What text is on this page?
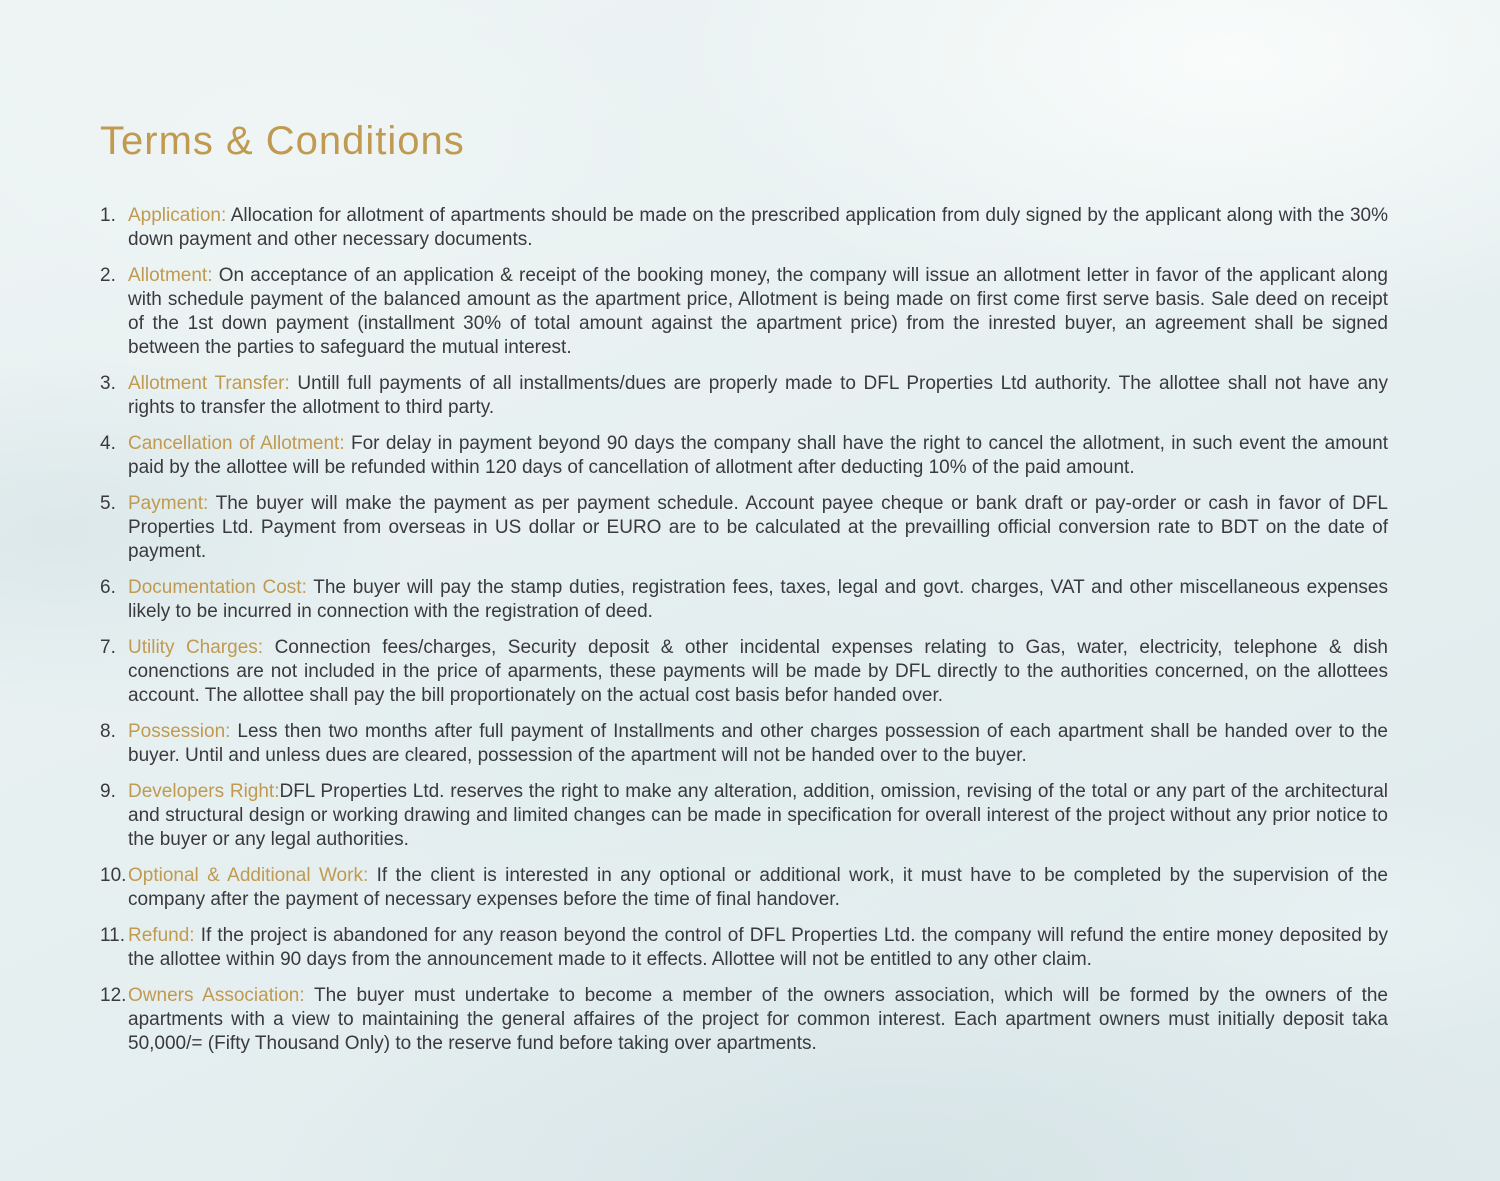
Terms & Conditions
1. Application: Allocation for allotment of apartments should be made on the prescribed application from duly signed by the applicant along with the 30% down payment and other necessary documents.

2. Allotment: On acceptance of an application & receipt of the booking money, the company will issue an allotment letter in favor of the applicant along with schedule payment of the balanced amount as the apartment price, Allotment is being made on first come first serve basis. Sale deed on receipt of the 1st down payment (installment 30% of total amount against the apartment price) from the inrested buyer, an agreement shall be signed between the parties to safeguard the mutual interest.

3. Allotment Transfer: Untill full payments of all installments/dues are properly made to DFL Properties Ltd authority. The allottee shall not have any rights to transfer the allotment to third party.

4. Cancellation of Allotment: For delay in payment beyond 90 days the company shall have the right to cancel the allotment, in such event the amount paid by the allottee will be refunded within 120 days of cancellation of allotment after deducting 10% of the paid amount.

5. Payment: The buyer will make the payment as per payment schedule. Account payee cheque or bank draft or pay-order or cash in favor of DFL Properties Ltd. Payment from overseas in US dollar or EURO are to be calculated at the prevailling official conversion rate to BDT on the date of payment.

6. Documentation Cost: The buyer will pay the stamp duties, registration fees, taxes, legal and govt. charges, VAT and other miscellaneous expenses likely to be incurred in connection with the registration of deed.

7. Utility Charges: Connection fees/charges, Security deposit & other incidental expenses relating to Gas, water, electricity, telephone & dish conenctions are not included in the price of aparments, these payments will be made by DFL directly to the authorities concerned, on the allottees account. The allottee shall pay the bill proportionately on the actual cost basis befor handed over.

8. Possession: Less then two months after full payment of Installments and other charges possession of each apartment shall be handed over to the buyer. Until and unless dues are cleared, possession of the apartment will not be handed over to the buyer.

9. Developers Right:DFL Properties Ltd. reserves the right to make any alteration, addition, omission, revising of the total or any part of the architectural and structural design or working drawing and limited changes can be made in specification for overall interest of the project without any prior notice to the buyer or any legal authorities.

10. Optional & Additional Work: If the client is interested in any optional or additional work, it must have to be completed by the supervision of the company after the payment of necessary expenses before the time of final handover.

11. Refund: If the project is abandoned for any reason beyond the control of DFL Properties Ltd. the company will refund the entire money deposited by the allottee within 90 days from the announcement made to it effects. Allottee will not be entitled to any other claim.

12. Owners Association: The buyer must undertake to become a member of the owners association, which will be formed by the owners of the apartments with a view to maintaining the general affaires of the project for common interest. Each apartment owners must initially deposit taka 50,000/= (Fifty Thousand Only) to the reserve fund before taking over apartments.
